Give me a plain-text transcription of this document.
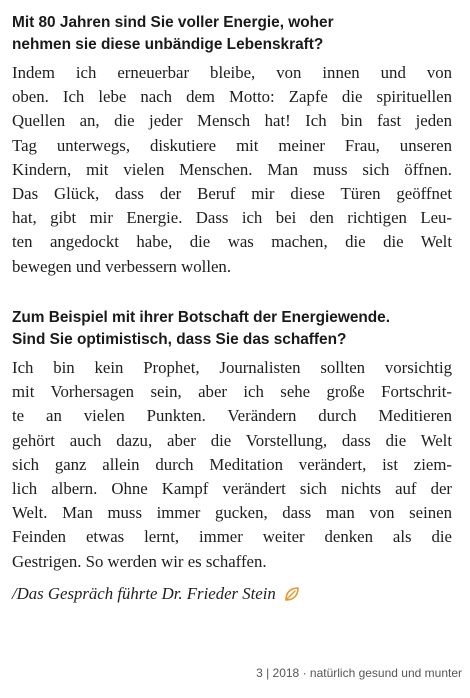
Mit 80 Jahren sind Sie voller Energie, woher
nehmen sie diese unbändige Lebenskraft?
Indem ich erneuerbar bleibe, von innen und von
oben. Ich lebe nach dem Motto: Zapfe die spirituellen
Quellen an, die jeder Mensch hat! Ich bin fast jeden
Tag unterwegs, diskutiere mit meiner Frau, unseren
Kindern, mit vielen Menschen. Man muss sich öffnen.
Das Glück, dass der Beruf mir diese Türen geöffnet
hat, gibt mir Energie. Dass ich bei den richtigen Leu-
ten angedockt habe, die was machen, die die Welt
bewegen und verbessern wollen.
Zum Beispiel mit ihrer Botschaft der Energiewende.
Sind Sie optimistisch, dass Sie das schaffen?
Ich bin kein Prophet, Journalisten sollten vorsichtig
mit Vorhersagen sein, aber ich sehe große Fortschrit-
te an vielen Punkten. Verändern durch Meditieren
gehört auch dazu, aber die Vorstellung, dass die Welt
sich ganz allein durch Meditation verändert, ist ziem-
lich albern. Ohne Kampf verändert sich nichts auf der
Welt. Man muss immer gucken, dass man von seinen
Feinden etwas lernt, immer weiter denken als die
Gestrigen. So werden wir es schaffen.
/Das Gespräch führte Dr. Frieder Stein
3 | 2018 · natürlich gesund und munter
